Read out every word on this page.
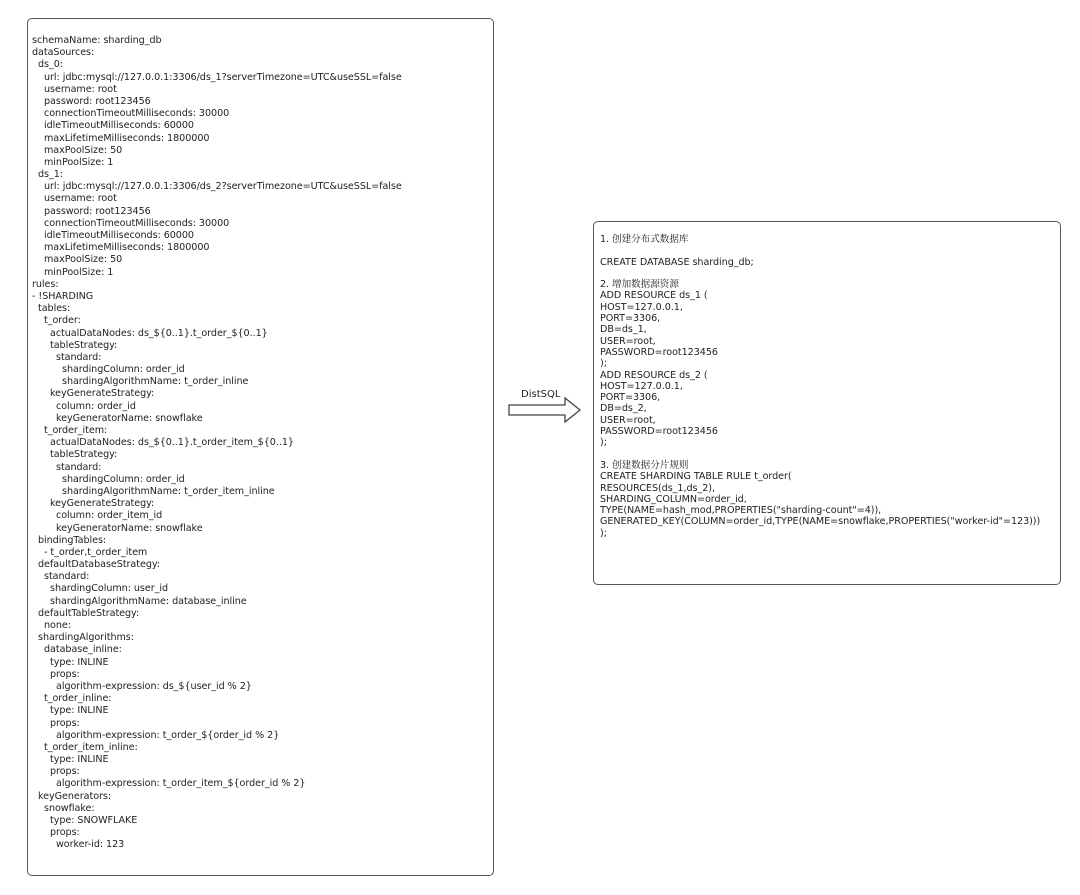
schemaName: sharding_db
dataSources:
ds_0:
url: jdbc:mysql://127.0.0.1:3306/ds_1?serverTimezone=UTC&useSSL=false
username: root
password: root123456
connectionTimeoutMilliseconds: 30000
idleTimeoutMilliseconds: 60000
maxLifetimeMilliseconds: 1800000
maxPoolSize: 50
minPoolSize: 1
ds_1:
url: jdbc:mysql://127.0.0.1:3306/ds_2?serverTimezone=UTC&useSSL=false
username: root
password: root123456
connectionTimeoutMilliseconds: 30000
idleTimeoutMilliseconds: 60000
maxLifetimeMilliseconds: 1800000
maxPoolSize: 50
minPoolSize: 1
rules:
- !SHARDING
tables:
t_order:
actualDataNodes: ds_${0..1}.t_order_${0..1}
tableStrategy:
standard:
shardingColumn: order_id
shardingAlgorithmName: t_order_inline
keyGenerateStrategy:
column: order_id
keyGeneratorName: snowflake
t_order_item:
actualDataNodes: ds_${0..1}.t_order_item_${0..1}
tableStrategy:
standard:
shardingColumn: order_id
shardingAlgorithmName: t_order_item_inline
keyGenerateStrategy:
column: order_item_id
keyGeneratorName: snowflake
bindingTables:
- t_order,t_order_item
defaultDatabaseStrategy:
standard:
shardingColumn: user_id
shardingAlgorithmName: database_inline
defaultTableStrategy:
none:
shardingAlgorithms:
database_inline:
type: INLINE
props:
algorithm-expression: ds_${user_id % 2}
t_order_inline:
type: INLINE
props:
algorithm-expression: t_order_${order_id % 2}
t_order_item_inline:
type: INLINE
props:
algorithm-expression: t_order_item_${order_id % 2}
keyGenerators:
snowflake:
type: SNOWFLAKE
props:
worker-id: 123
DistSQL
1. 创建分布式数据库
CREATE DATABASE sharding_db;
2. 增加数据源资源
ADD RESOURCE ds_1 (
HOST=127.0.0.1,
PORT=3306,
DB=ds_1,
USER=root,
PASSWORD=root123456
);
ADD RESOURCE ds_2 (
HOST=127.0.0.1,
PORT=3306,
DB=ds_2,
USER=root,
PASSWORD=root123456
);
3. 创建数据分片规则
CREATE SHARDING TABLE RULE t_order(
RESOURCES(ds_1,ds_2),
SHARDING_COLUMN=order_id,
TYPE(NAME=hash_mod,PROPERTIES("sharding-count"=4)),
GENERATED_KEY(COLUMN=order_id,TYPE(NAME=snowflake,PROPERTIES("worker-id"=123)))
);
